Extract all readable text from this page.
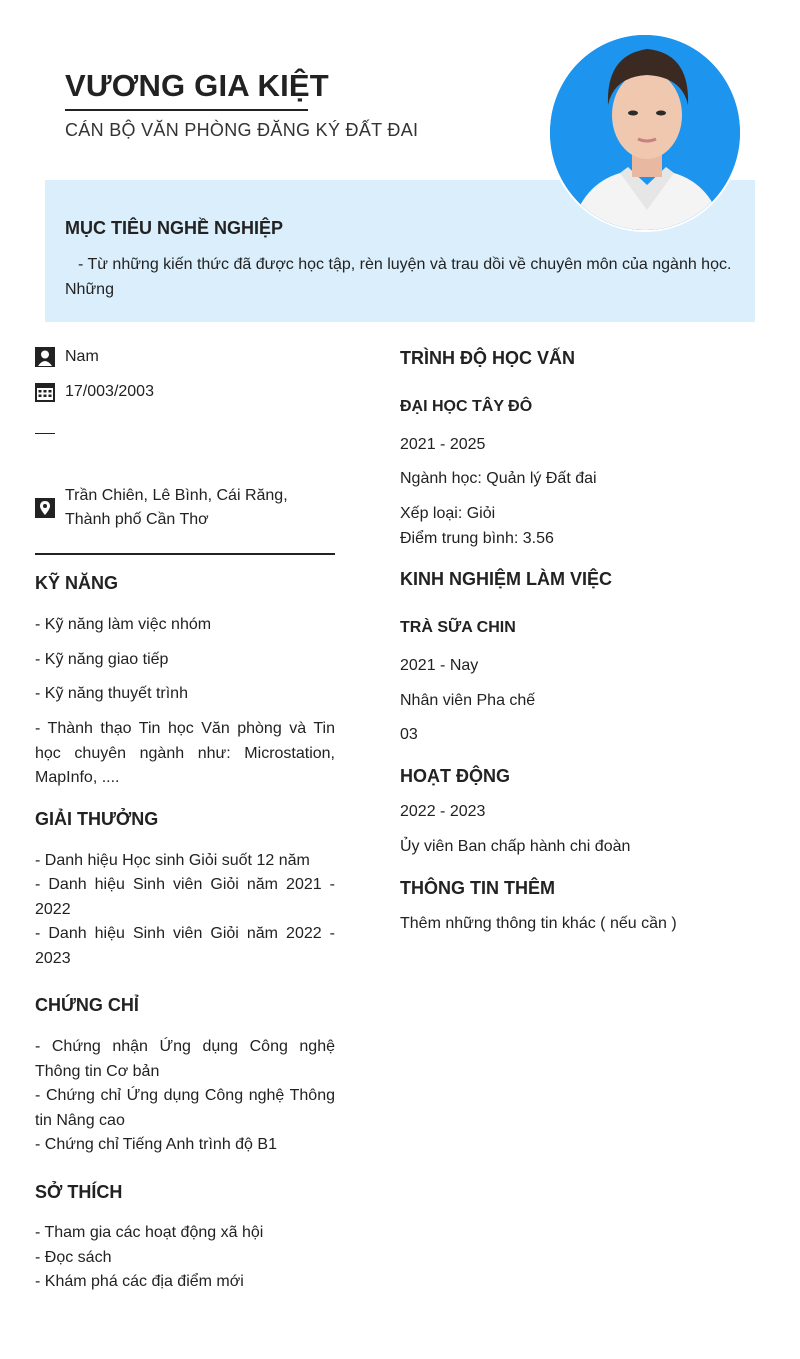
VƯƠNG GIA KIỆT
CÁN BỘ VĂN PHÒNG ĐĂNG KÝ ĐẤT ĐAI
MỤC TIÊU NGHỀ NGHIỆP
- Từ những kiến thức đã được học tập, rèn luyện và trau dồi về chuyên môn của ngành học. Những
Nam
17/003/2003
Trần Chiên, Lê Bình, Cái Răng,
Thành phố Cần Thơ
KỸ NĂNG
- Kỹ năng làm việc nhóm
- Kỹ năng giao tiếp
- Kỹ năng thuyết trình
- Thành thạo Tin học Văn phòng và Tin học chuyên ngành như: Microstation, MapInfo, ....
GIẢI THƯỞNG
- Danh hiệu Học sinh Giỏi suốt 12 năm
- Danh hiệu Sinh viên Giỏi năm 2021 - 2022
- Danh hiệu Sinh viên Giỏi năm 2022 - 2023
CHỨNG CHỈ
- Chứng nhận Ứng dụng Công nghệ Thông tin Cơ bản
- Chứng chỉ Ứng dụng Công nghệ Thông tin Nâng cao
- Chứng chỉ Tiếng Anh trình độ B1
SỞ THÍCH
- Tham gia các hoạt động xã hội
- Đọc sách
- Khám phá các địa điểm mới
TRÌNH ĐỘ HỌC VẤN
ĐẠI HỌC TÂY ĐÔ
2021 - 2025
Ngành học: Quản lý Đất đai
Xếp loại: Giỏi
Điểm trung bình: 3.56
KINH NGHIỆM LÀM VIỆC
TRÀ SỮA CHIN
2021 - Nay
Nhân viên Pha chế
03
HOẠT ĐỘNG
2022 - 2023
Ủy viên Ban chấp hành chi đoàn
THÔNG TIN THÊM
Thêm những thông tin khác ( nếu cần )
